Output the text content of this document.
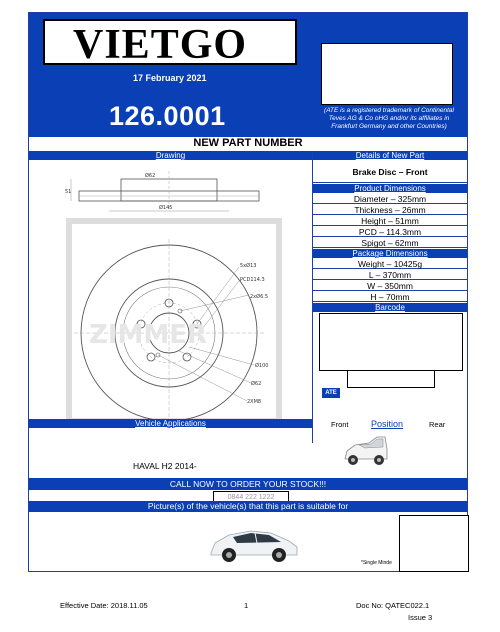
VIETGO LTD
17 February 2021
126.0001	(ATE is a registered trademark of Continental Teves AG & Co oHG and/or its affiliates in Frankfurt Germany and other Countries)
NEW PART NUMBER
Drawing	Details of New Part
Ø62
Ø145
Ø325
51
5xØ13
PCD114.3
2xØ6.5
Ø100
Ø62
2XM8
ZIMMER
Brake Disc – Front
Product Dimensions
Diameter – 325mm
Thickness – 26mm
Height – 51mm
PCD – 114.3mm
Spigot – 62mm
Package Dimensions
Weight – 10425g
L – 370mm
W – 350mm
H – 70mm
Barcode
ATE
Vehicle Applications	Front Position	Rear
HAVAL H2 2014-
CALL NOW TO ORDER YOUR STOCK!!!
0844 222 1222
Picture(s) of the vehicle(s) that this part is suitable for
*Single Minde
Effective Date: 2018.11.05	1	Doc No: QATEC022.1
Issue 3
